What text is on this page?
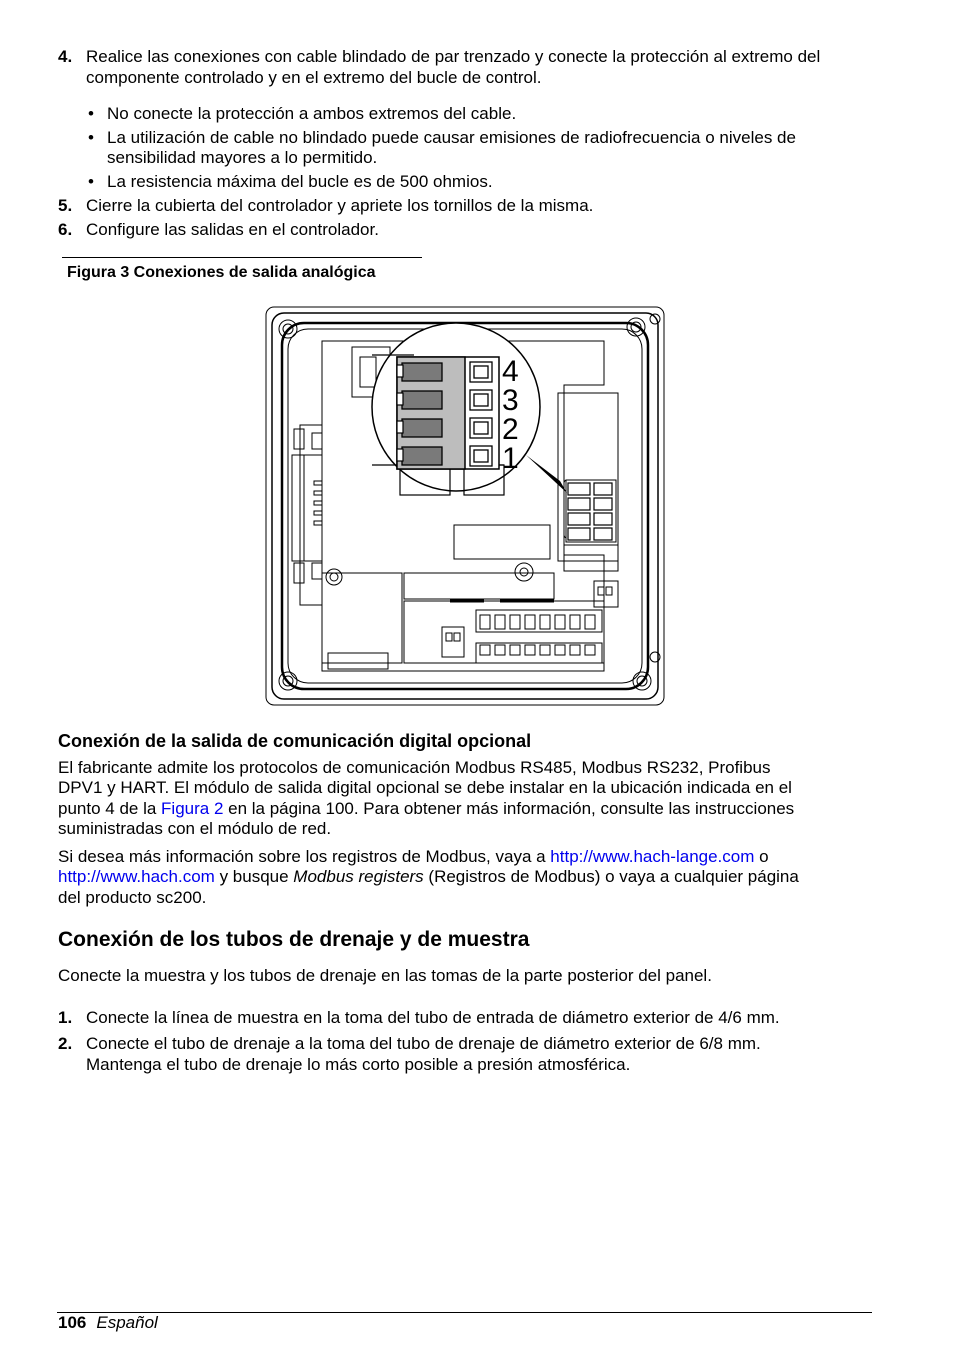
4. Realice las conexiones con cable blindado de par trenzado y conecte la protección al extremo del
componente controlado y en el extremo del bucle de control.
• No conecte la protección a ambos extremos del cable.
• La utilización de cable no blindado puede causar emisiones de radiofrecuencia o niveles de
sensibilidad mayores a lo permitido.
• La resistencia máxima del bucle es de 500 ohmios.
5. Cierre la cubierta del controlador y apriete los tornillos de la misma.
6. Configure las salidas en el controlador.
Figura 3 Conexiones de salida analógica
4
3
2
1
Conexión de la salida de comunicación digital opcional
El fabricante admite los protocolos de comunicación Modbus RS485, Modbus RS232, Profibus
DPV1 y HART. El módulo de salida digital opcional se debe instalar en la ubicación indicada en el
punto 4 de la Figura 2 en la página 100. Para obtener más información, consulte las instrucciones
suministradas con el módulo de red.
Si desea más información sobre los registros de Modbus, vaya a http://www.hach-lange.com o
http://www.hach.com y busque Modbus registers (Registros de Modbus) o vaya a cualquier página
del producto sc200.
Conexión de los tubos de drenaje y de muestra
Conecte la muestra y los tubos de drenaje en las tomas de la parte posterior del panel.
1. Conecte la línea de muestra en la toma del tubo de entrada de diámetro exterior de 4/6 mm.
2. Conecte el tubo de drenaje a la toma del tubo de drenaje de diámetro exterior de 6/8 mm.
Mantenga el tubo de drenaje lo más corto posible a presión atmosférica.
106 Español
